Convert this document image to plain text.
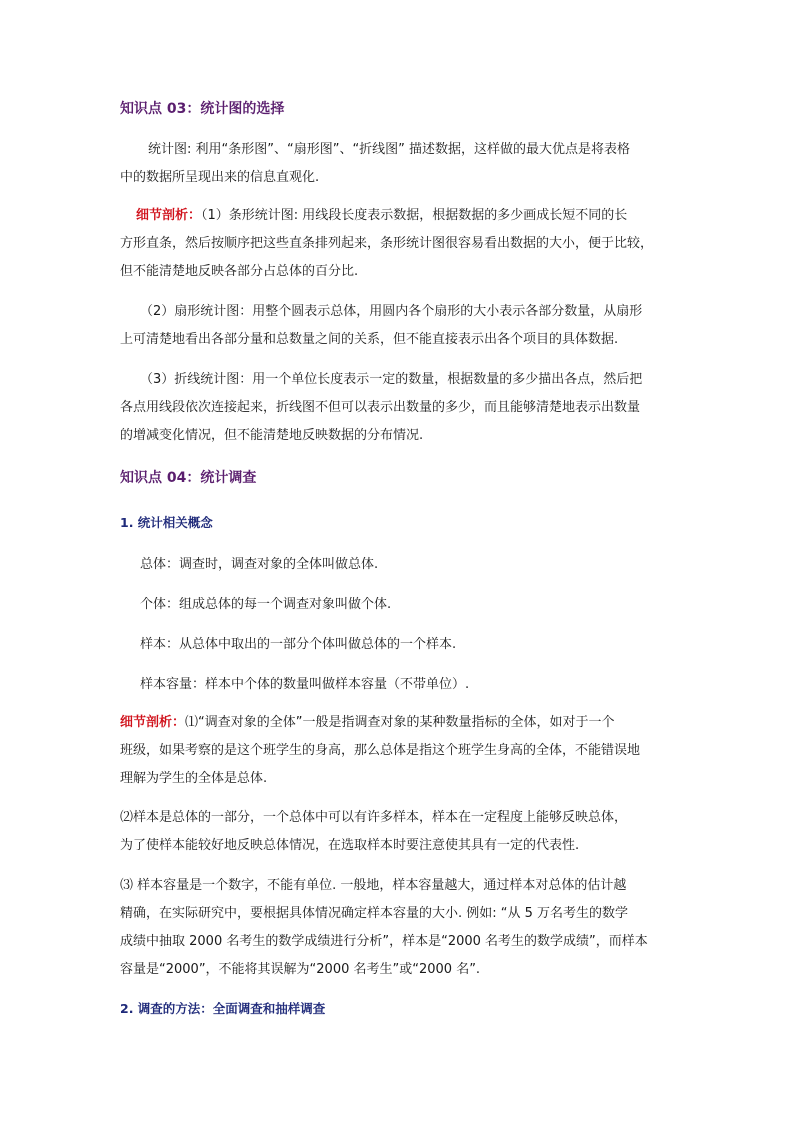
知识点 03：统计图的选择
统计图: 利用“条形图”、“扇形图”、“折线图” 描述数据，这样做的最大优点是将表格
中的数据所呈现出来的信息直观化.
细节剖析：（1）条形统计图: 用线段长度表示数据，根据数据的多少画成长短不同的长
方形直条，然后按顺序把这些直条排列起来，条形统计图很容易看出数据的大小，便于比较，
但不能清楚地反映各部分占总体的百分比.
（2）扇形统计图：用整个圆表示总体，用圆内各个扇形的大小表示各部分数量，从扇形
上可清楚地看出各部分量和总数量之间的关系，但不能直接表示出各个项目的具体数据.
（3）折线统计图：用一个单位长度表示一定的数量，根据数量的多少描出各点，然后把
各点用线段依次连接起来，折线图不但可以表示出数量的多少，而且能够清楚地表示出数量
的增减变化情况，但不能清楚地反映数据的分布情况.
知识点 04：统计调查
1. 统计相关概念
总体：调查时，调查对象的全体叫做总体.
个体：组成总体的每一个调查对象叫做个体.
样本：从总体中取出的一部分个体叫做总体的一个样本.
样本容量：样本中个体的数量叫做样本容量（不带单位）.
细节剖析：⑴“调查对象的全体”一般是指调查对象的某种数量指标的全体，如对于一个
班级，如果考察的是这个班学生的身高，那么总体是指这个班学生身高的全体，不能错误地
理解为学生的全体是总体.
⑵样本是总体的一部分，一个总体中可以有许多样本，样本在一定程度上能够反映总体，
为了使样本能较好地反映总体情况，在选取样本时要注意使其具有一定的代表性.
⑶ 样本容量是一个数字，不能有单位. 一般地，样本容量越大，通过样本对总体的估计越
精确，在实际研究中，要根据具体情况确定样本容量的大小. 例如: “从 5 万名考生的数学
成绩中抽取 2000 名考生的数学成绩进行分析”，样本是“2000 名考生的数学成绩”，而样本
容量是“2000”，不能将其误解为“2000 名考生”或“2000 名”.
2. 调查的方法：全面调查和抽样调查
